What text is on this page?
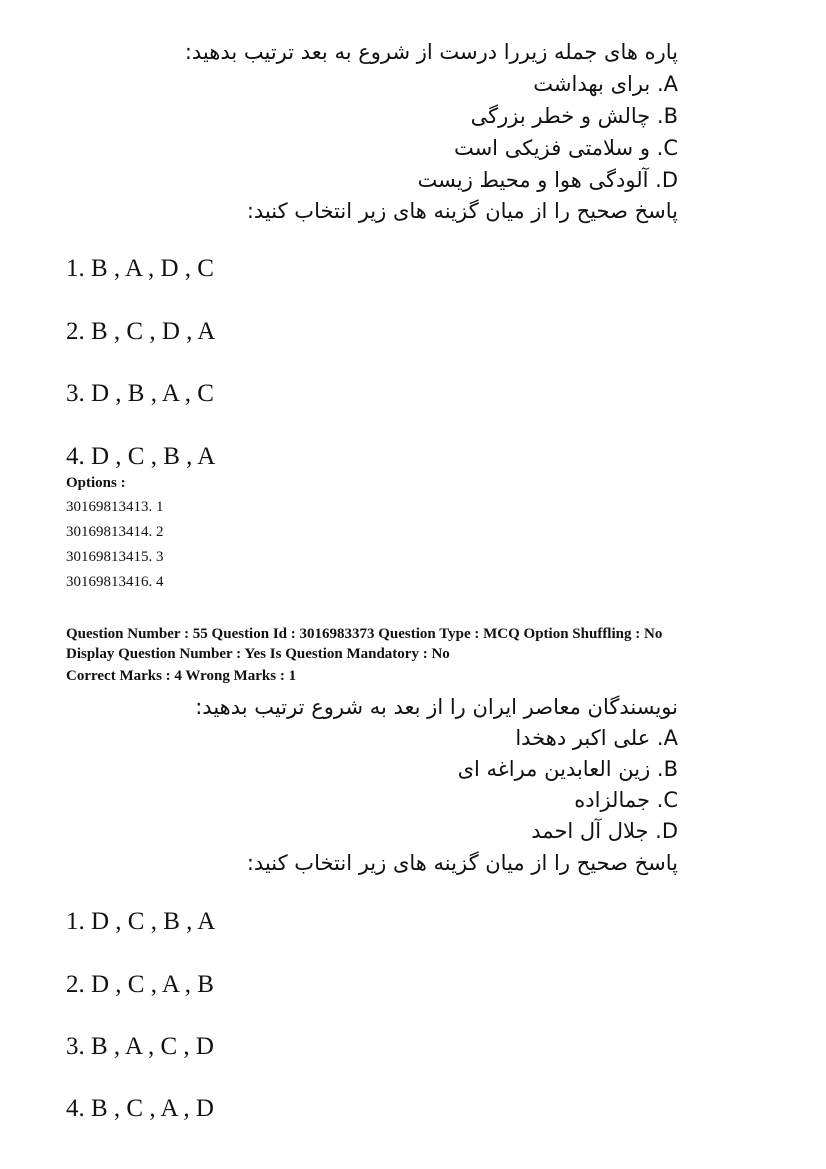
پاره های جمله زیررا درست از شروع به بعد ترتیب بدهید:
A. برای بهداشت
B. چالش و خطر بزرگی
C. و سلامتی فزیکی است
D. آلودگی هوا و محیط زیست
پاسخ صحیح را از میان گزینه های زیر انتخاب کنید:
1. B , A , D , C
2. B , C , D , A
3. D , B , A , C
4. D , C , B , A
Options :
30169813413. 1
30169813414. 2
30169813415. 3
30169813416. 4
Question Number : 55 Question Id : 3016983373 Question Type : MCQ Option Shuffling : No
Display Question Number : Yes Is Question Mandatory : No
Correct Marks : 4 Wrong Marks : 1
نویسندگان معاصر ایران را از بعد به شروع ترتیب بدهید:
A. علی اکبر دهخدا
B. زین العابدین مراغه ای
C. جمالزاده
D. جلال آل احمد
پاسخ صحیح را از میان گزینه های زیر انتخاب کنید:
1. D , C , B , A
2. D , C , A , B
3. B , A , C , D
4. B , C , A , D
